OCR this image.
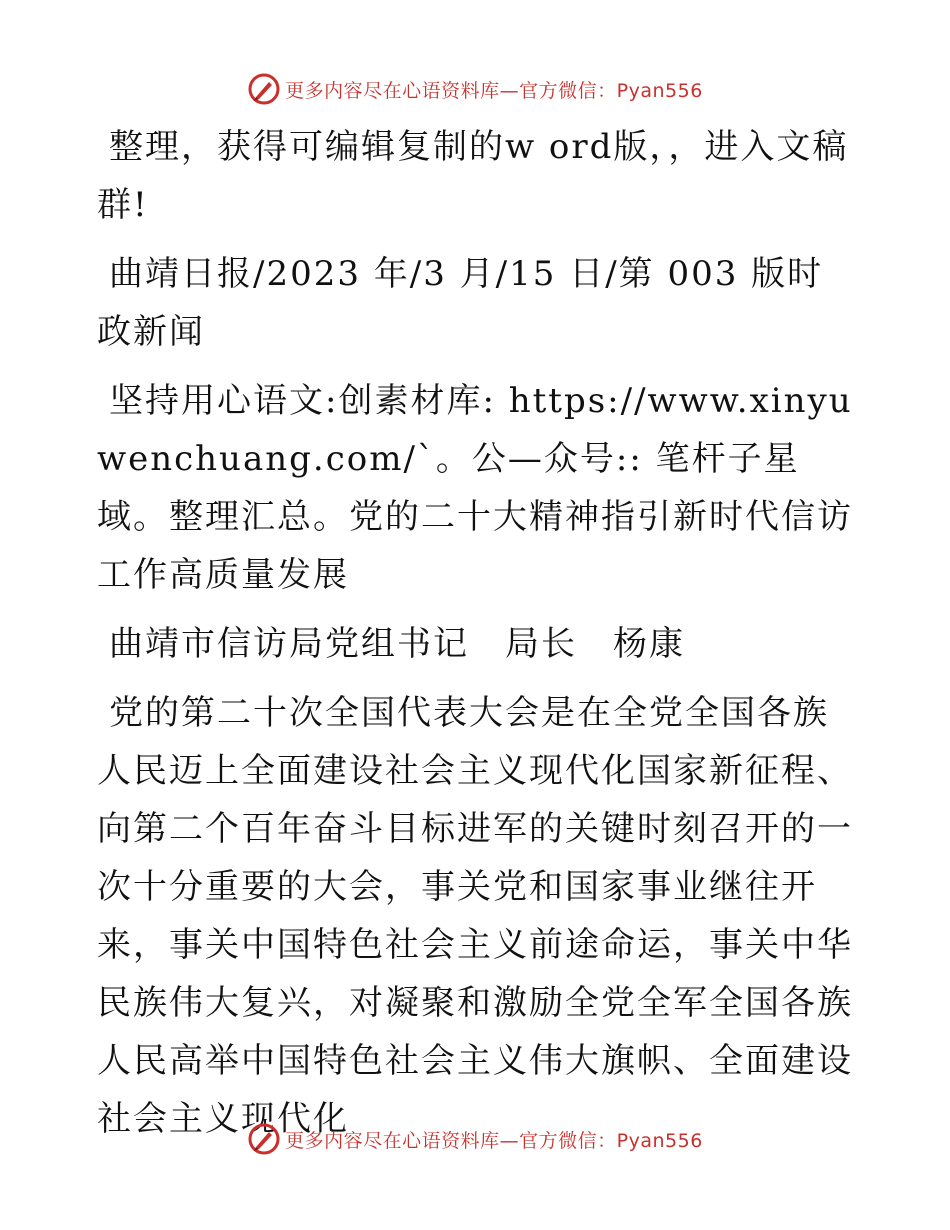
更多内容尽在心语资料库—官方微信：Pyan556

整理，获得可编辑复制的w ord版，，进入文稿群!

曲靖日报/2023 年/3 月/15 日/第 003 版时政新闻

坚持用心语文:创素材库: https://www.xinyuwenchuang.com/ˋ。公—众号:: 笔杆子星域。整理汇总。党的二十大精神指引新时代信访工作高质量发展

曲靖市信访局党组书记　局长　杨康

党的第二十次全国代表大会是在全党全国各族人民迈上全面建设社会主义现代化国家新征程、向第二个百年奋斗目标进军的关键时刻召开的一次十分重要的大会，事关党和国家事业继往开来，事关中国特色社会主义前途命运，事关中华民族伟大复兴，对凝聚和激励全党全军全国各族人民高举中国特色社会主义伟大旗帜、全面建设社会主义现代化

更多内容尽在心语资料库—官方微信：Pyan556
